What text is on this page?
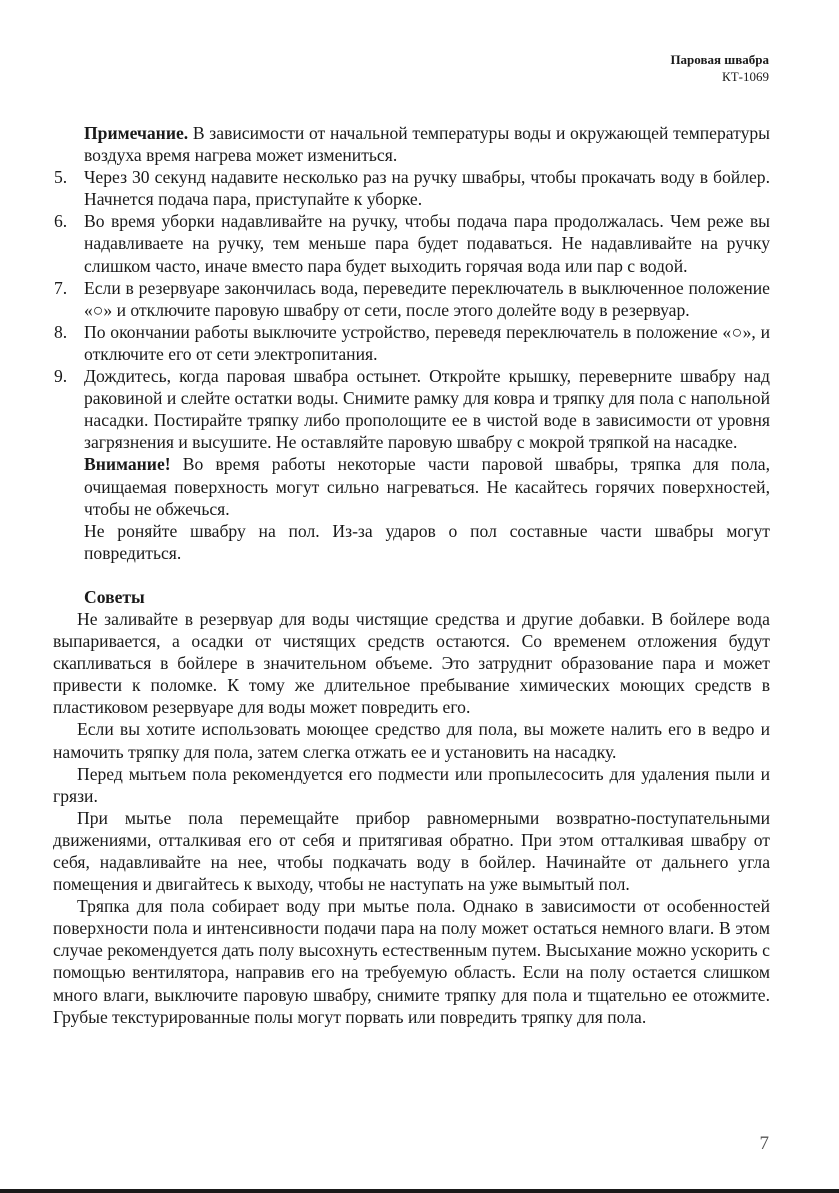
Паровая швабра
КТ-1069

Примечание. В зависимости от начальной температуры воды и окружающей температуры воздуха время нагрева может измениться.

5. Через 30 секунд надавите несколько раз на ручку швабры, чтобы прокачать воду в бойлер. Начнется подача пара, приступайте к уборке.
6. Во время уборки надавливайте на ручку, чтобы подача пара продолжалась. Чем реже вы надавливаете на ручку, тем меньше пара будет подаваться. Не надавливайте на ручку слишком часто, иначе вместо пара будет выходить горячая вода или пар с водой.
7. Если в резервуаре закончилась вода, переведите переключатель в выключенное положение «○» и отключите паровую швабру от сети, после этого долейте воду в резервуар.
8. По окончании работы выключите устройство, переведя переключатель в положение «○», и отключите его от сети электропитания.
9. Дождитесь, когда паровая швабра остынет. Откройте крышку, переверните швабру над раковиной и слейте остатки воды. Снимите рамку для ковра и тряпку для пола с напольной насадки. Постирайте тряпку либо прополощите ее в чистой воде в зависимости от уровня загрязнения и высушите. Не оставляйте паровую швабру с мокрой тряпкой на насадке.

Внимание! Во время работы некоторые части паровой швабры, тряпка для пола, очищаемая поверхность могут сильно нагреваться. Не касайтесь горячих поверхностей, чтобы не обжечься.

Не роняйте швабру на пол. Из-за ударов о пол составные части швабры могут повредиться.

Советы

Не заливайте в резервуар для воды чистящие средства и другие добавки. В бойлере вода выпаривается, а осадки от чистящих средств остаются. Со временем отложения будут скапливаться в бойлере в значительном объеме. Это затруднит образование пара и может привести к поломке. К тому же длительное пребывание химических моющих средств в пластиковом резервуаре для воды может повредить его.

Если вы хотите использовать моющее средство для пола, вы можете налить его в ведро и намочить тряпку для пола, затем слегка отжать ее и установить на насадку.

Перед мытьем пола рекомендуется его подмести или пропылесосить для удаления пыли и грязи.

При мытье пола перемещайте прибор равномерными возвратно-поступательными движениями, отталкивая его от себя и притягивая обратно. При этом отталкивая швабру от себя, надавливайте на нее, чтобы подкачать воду в бойлер. Начинайте от дальнего угла помещения и двигайтесь к выходу, чтобы не наступать на уже вымытый пол.

Тряпка для пола собирает воду при мытье пола. Однако в зависимости от особенностей поверхности пола и интенсивности подачи пара на полу может остаться немного влаги. В этом случае рекомендуется дать полу высохнуть естественным путем. Высыхание можно ускорить с помощью вентилятора, направив его на требуемую область. Если на полу остается слишком много влаги, выключите паровую швабру, снимите тряпку для пола и тщательно ее отожмите. Грубые текстурированные полы могут порвать или повредить тряпку для пола.

7
